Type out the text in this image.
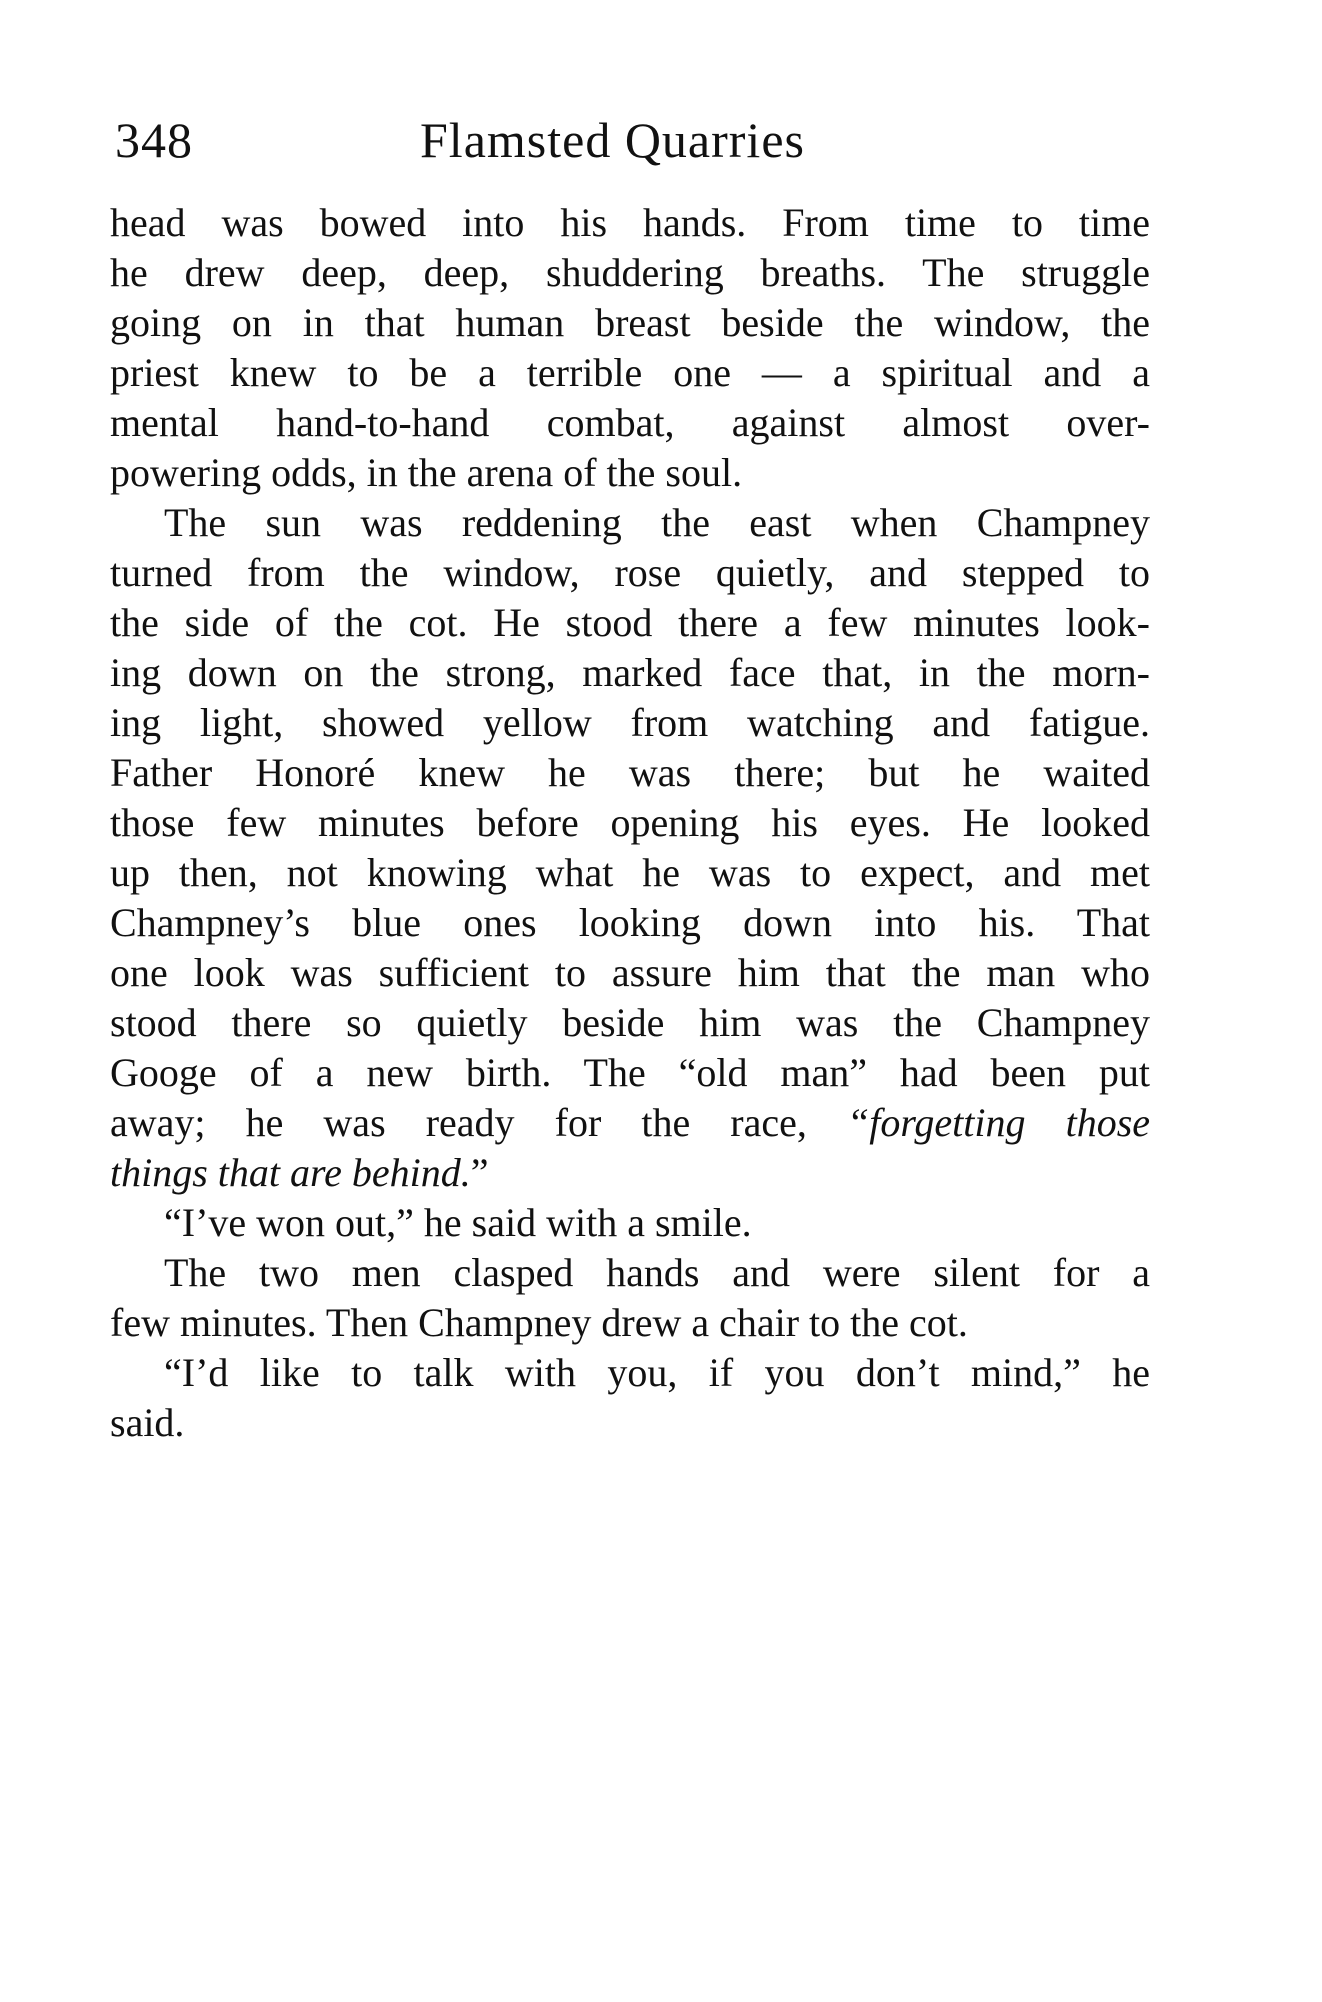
348	Flamsted Quarries
head was bowed into his hands. From time to time
he drew deep, deep, shuddering breaths. The struggle
going on in that human breast beside the window, the
priest knew to be a terrible one — a spiritual and a
mental hand-to-hand combat, against almost over-
powering odds, in the arena of the soul.
The sun was reddening the east when Champney
turned from the window, rose quietly, and stepped to
the side of the cot. He stood there a few minutes look-
ing down on the strong, marked face that, in the morn-
ing light, showed yellow from watching and fatigue.
Father Honoré knew he was there; but he waited
those few minutes before opening his eyes. He looked
up then, not knowing what he was to expect, and met
Champney’s blue ones looking down into his. That
one look was sufficient to assure him that the man who
stood there so quietly beside him was the Champney
Googe of a new birth. The “old man” had been put
away; he was ready for the race, “forgetting those
things that are behind.”
“I’ve won out,” he said with a smile.
The two men clasped hands and were silent for a
few minutes. Then Champney drew a chair to the cot.
“I’d like to talk with you, if you don’t mind,” he
said.
